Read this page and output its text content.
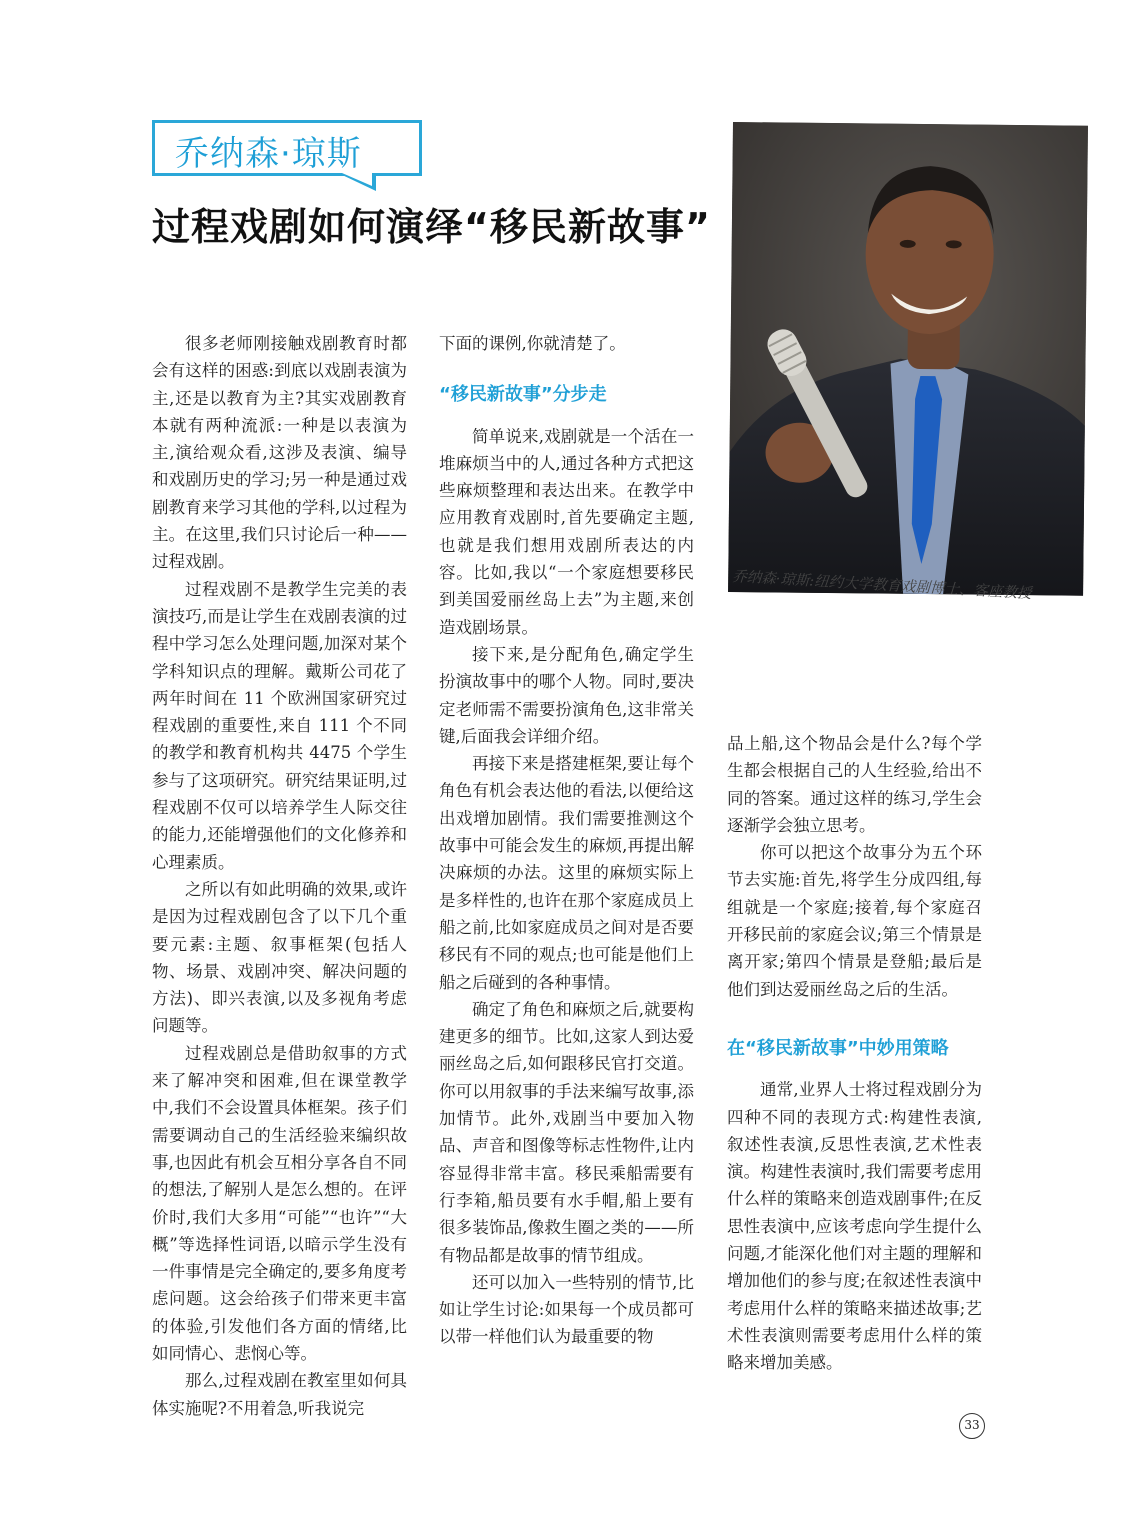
乔纳森·琼斯
过程戏剧如何演绎“移民新故事”
乔纳森·琼斯:纽约大学教育戏剧博士、客座教授

很多老师刚接触戏剧教育时都会有这样的困惑:到底以戏剧表演为主,还是以教育为主?其实戏剧教育本就有两种流派:一种是以表演为主,演给观众看,这涉及表演、编导和戏剧历史的学习;另一种是通过戏剧教育来学习其他的学科,以过程为主。在这里,我们只讨论后一种——过程戏剧。

过程戏剧不是教学生完美的表演技巧,而是让学生在戏剧表演的过程中学习怎么处理问题,加深对某个学科知识点的理解。戴斯公司花了两年时间在 11 个欧洲国家研究过程戏剧的重要性,来自 111 个不同的教学和教育机构共 4475 个学生参与了这项研究。研究结果证明,过程戏剧不仅可以培养学生人际交往的能力,还能增强他们的文化修养和心理素质。

之所以有如此明确的效果,或许是因为过程戏剧包含了以下几个重要元素:主题、叙事框架(包括人物、场景、戏剧冲突、解决问题的方法)、即兴表演,以及多视角考虑问题等。

过程戏剧总是借助叙事的方式来了解冲突和困难,但在课堂教学中,我们不会设置具体框架。孩子们需要调动自己的生活经验来编织故事,也因此有机会互相分享各自不同的想法,了解别人是怎么想的。在评价时,我们大多用“可能”“也许”“大概”等选择性词语,以暗示学生没有一件事情是完全确定的,要多角度考虑问题。这会给孩子们带来更丰富的体验,引发他们各方面的情绪,比如同情心、悲悯心等。

那么,过程戏剧在教室里如何具体实施呢?不用着急,听我说完

下面的课例,你就清楚了。

“移民新故事”分步走

简单说来,戏剧就是一个活在一堆麻烦当中的人,通过各种方式把这些麻烦整理和表达出来。在教学中应用教育戏剧时,首先要确定主题,也就是我们想用戏剧所表达的内容。比如,我以“一个家庭想要移民到美国爱丽丝岛上去”为主题,来创造戏剧场景。

接下来,是分配角色,确定学生扮演故事中的哪个人物。同时,要决定老师需不需要扮演角色,这非常关键,后面我会详细介绍。

再接下来是搭建框架,要让每个角色有机会表达他的看法,以便给这出戏增加剧情。我们需要推测这个故事中可能会发生的麻烦,再提出解决麻烦的办法。这里的麻烦实际上是多样性的,也许在那个家庭成员上船之前,比如家庭成员之间对是否要移民有不同的观点;也可能是他们上船之后碰到的各种事情。

确定了角色和麻烦之后,就要构建更多的细节。比如,这家人到达爱丽丝岛之后,如何跟移民官打交道。你可以用叙事的手法来编写故事,添加情节。此外,戏剧当中要加入物品、声音和图像等标志性物件,让内容显得非常丰富。移民乘船需要有行李箱,船员要有水手帽,船上要有很多装饰品,像救生圈之类的——所有物品都是故事的情节组成。

还可以加入一些特别的情节,比如让学生讨论:如果每一个成员都可以带一样他们认为最重要的物

品上船,这个物品会是什么?每个学生都会根据自己的人生经验,给出不同的答案。通过这样的练习,学生会逐渐学会独立思考。

你可以把这个故事分为五个环节去实施:首先,将学生分成四组,每组就是一个家庭;接着,每个家庭召开移民前的家庭会议;第三个情景是离开家;第四个情景是登船;最后是他们到达爱丽丝岛之后的生活。

在“移民新故事”中妙用策略

通常,业界人士将过程戏剧分为四种不同的表现方式:构建性表演,叙述性表演,反思性表演,艺术性表演。构建性表演时,我们需要考虑用什么样的策略来创造戏剧事件;在反思性表演中,应该考虑向学生提什么问题,才能深化他们对主题的理解和增加他们的参与度;在叙述性表演中考虑用什么样的策略来描述故事;艺术性表演则需要考虑用什么样的策略来增加美感。

33
